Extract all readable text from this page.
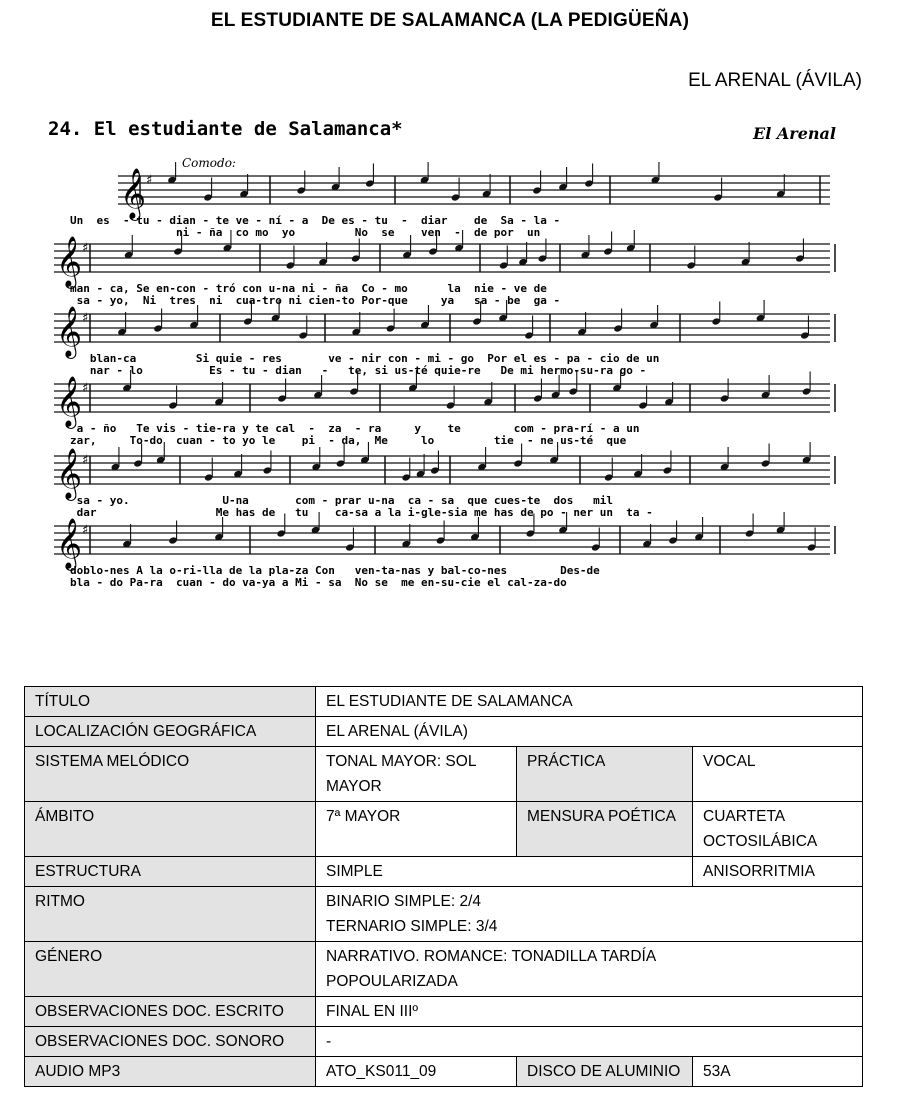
EL ESTUDIANTE DE SALAMANCA (LA PEDIGÜEÑA)
EL ARENAL (ÁVILA)
24. El estudiante de Salamanca*	El Arenal
Comodo:
𝄞 ♯
Un  es  - tu - dian - te ve - ní - a  De es - tu  -  diar    de  Sa - la -
ni - ña  co mo  yo         No  se    ven  -  de por  un
𝄞 ♯
man - ca, Se en-con - tró con u-na ni - ña  Co - mo      la  nie - ve de
sa - yo,  Ni  tres  ni  cua-tro ni cien-to Por-que     ya   sa - be  ga -
𝄞 ♯
blan-ca         Si quie - res       ve - nir con - mi - go  Por el es - pa - cio de un
nar - lo          Es - tu - dian   -   te, si us-té quie-re   De mi hermo-su-ra go -
𝄞 ♯
a - ño   Te vis - tie-ra y te cal  -  za  - ra     y    te        com - pra-rí - a un
zar,     To-do  cuan - to yo le    pi  - da,  Me     lo         tie  - ne us-té  que
𝄞 ♯
sa - yo.              U-na       com - prar u-na  ca - sa  que cues-te  dos   mil
dar                  Me has de   tu    ca-sa a la i-gle-sia me has de po - ner un  ta -
𝄞 ♯
doblo-nes A la o-ri-lla de la pla-za Con   ven-ta-nas y bal-co-nes        Des-de
bla - do Pa-ra  cuan - do va-ya a Mi - sa  No se  me en-su-cie el cal-za-do
TÍTULO	EL ESTUDIANTE DE SALAMANCA		
LOCALIZACIÓN GEOGRÁFICA	EL ARENAL (ÁVILA)		
SISTEMA MELÓDICO	TONAL MAYOR: SOL MAYOR	PRÁCTICA	VOCAL
ÁMBITO	7ª MAYOR	MENSURA POÉTICA	CUARTETA OCTOSILÁBICA
ESTRUCTURA	SIMPLE		ANISORRITMIA
RITMO	BINARIO SIMPLE: 2/4
TERNARIO SIMPLE: 3/4		

GÉNERO	NARRATIVO. ROMANCE: TONADILLA TARDÍA POPOULARIZADA		
OBSERVACIONES DOC. ESCRITO	FINAL EN IIIº		
OBSERVACIONES DOC. SONORO	-		
AUDIO MP3	ATO_KS011_09	DISCO DE ALUMINIO	53A
